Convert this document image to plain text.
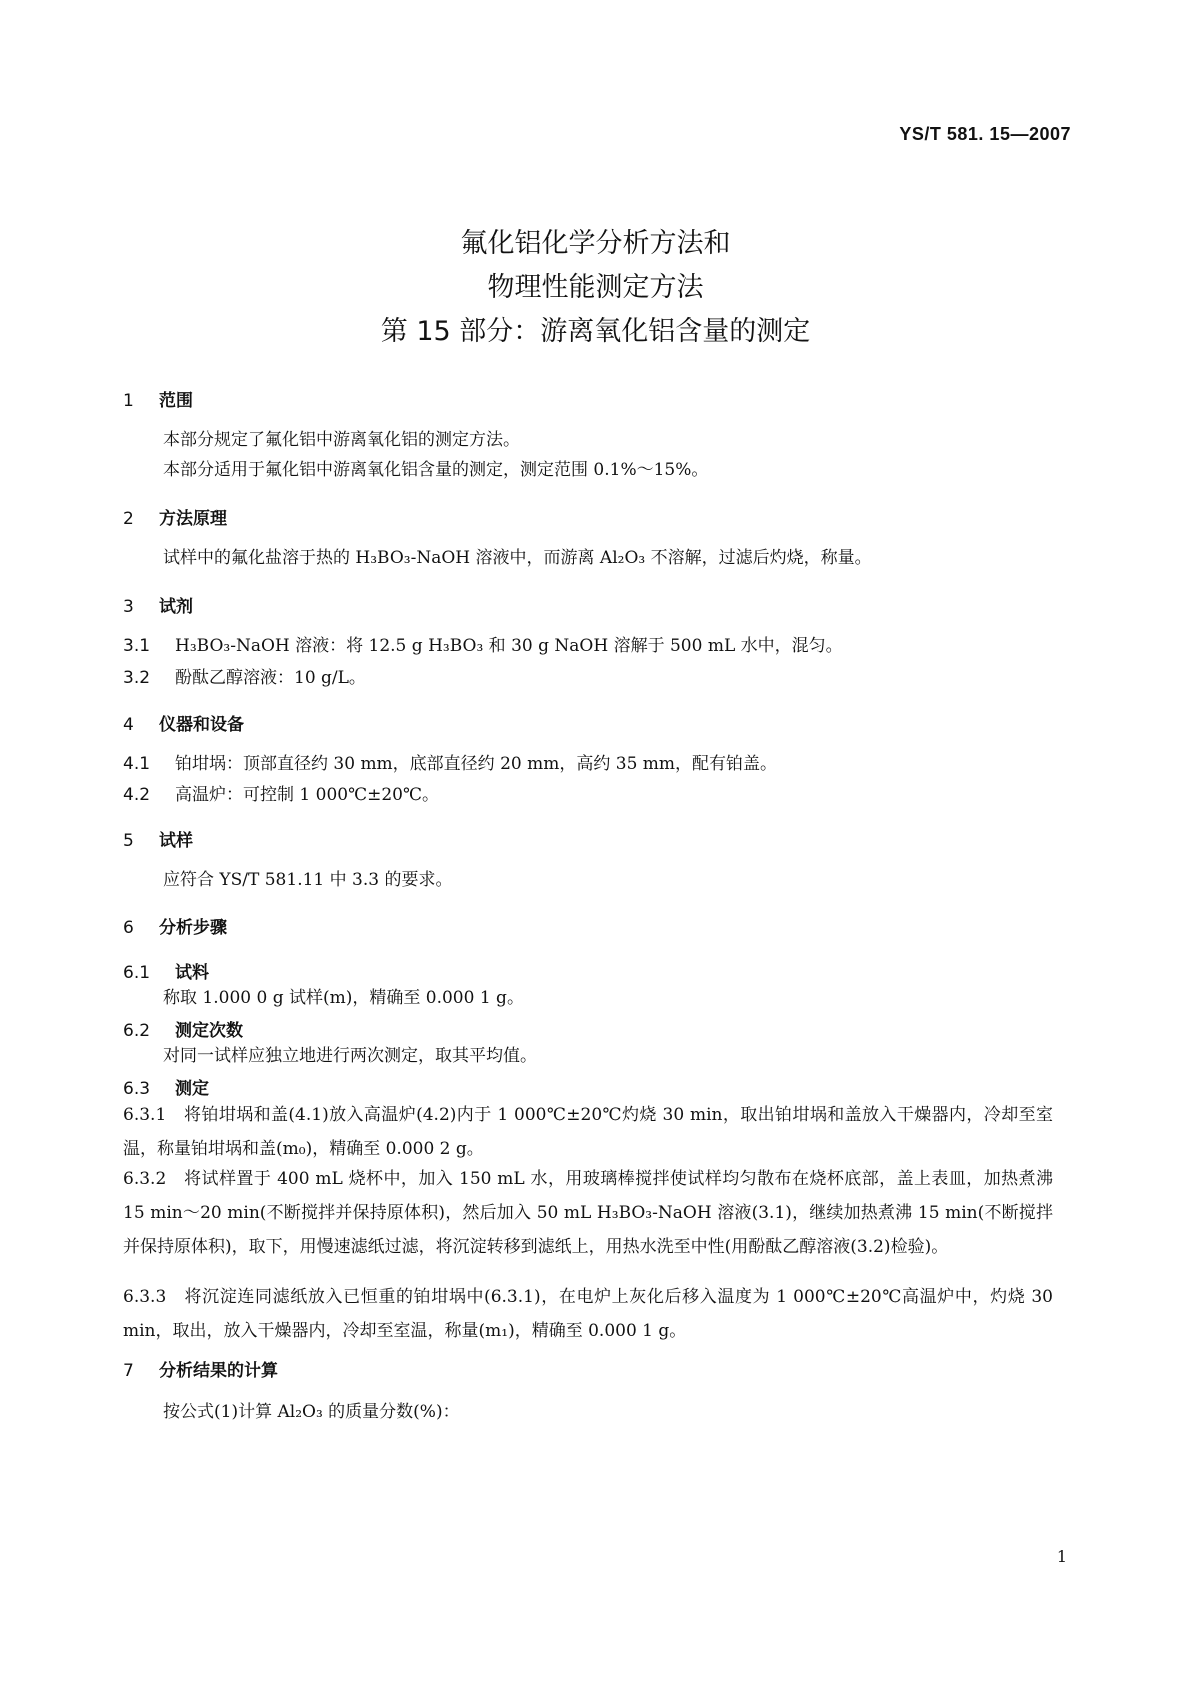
YS/T 581. 15—2007
氟化铝化学分析方法和
物理性能测定方法
第 15 部分：游离氧化铝含量的测定
1 范围
本部分规定了氟化铝中游离氧化铝的测定方法。
本部分适用于氟化铝中游离氧化铝含量的测定，测定范围 0.1%～15%。
2 方法原理
试样中的氟化盐溶于热的 H₃BO₃-NaOH 溶液中，而游离 Al₂O₃ 不溶解，过滤后灼烧，称量。
3 试剂
3.1 H₃BO₃-NaOH 溶液：将 12.5 g H₃BO₃ 和 30 g NaOH 溶解于 500 mL 水中，混匀。
3.2 酚酞乙醇溶液：10 g/L。
4 仪器和设备
4.1 铂坩埚：顶部直径约 30 mm，底部直径约 20 mm，高约 35 mm，配有铂盖。
4.2 高温炉：可控制 1 000℃±20℃。
5 试样
应符合 YS/T 581.11 中 3.3 的要求。
6 分析步骤
6.1 试料
称取 1.000 0 g 试样(m)，精确至 0.000 1 g。
6.2 测定次数
对同一试样应独立地进行两次测定，取其平均值。
6.3 测定
6.3.1　将铂坩埚和盖(4.1)放入高温炉(4.2)内于 1 000℃±20℃灼烧 30 min，取出铂坩埚和盖放入干燥器内，冷却至室温，称量铂坩埚和盖(m₀)，精确至 0.000 2 g。
6.3.2　将试样置于 400 mL 烧杯中，加入 150 mL 水，用玻璃棒搅拌使试样均匀散布在烧杯底部，盖上表皿，加热煮沸 15 min～20 min(不断搅拌并保持原体积)，然后加入 50 mL H₃BO₃-NaOH 溶液(3.1)，继续加热煮沸 15 min(不断搅拌并保持原体积)，取下，用慢速滤纸过滤，将沉淀转移到滤纸上，用热水洗至中性(用酚酞乙醇溶液(3.2)检验)。
6.3.3　将沉淀连同滤纸放入已恒重的铂坩埚中(6.3.1)，在电炉上灰化后移入温度为 1 000℃±20℃高温炉中，灼烧 30 min，取出，放入干燥器内，冷却至室温，称量(m₁)，精确至 0.000 1 g。
7 分析结果的计算
按公式(1)计算 Al₂O₃ 的质量分数(%)：
1
